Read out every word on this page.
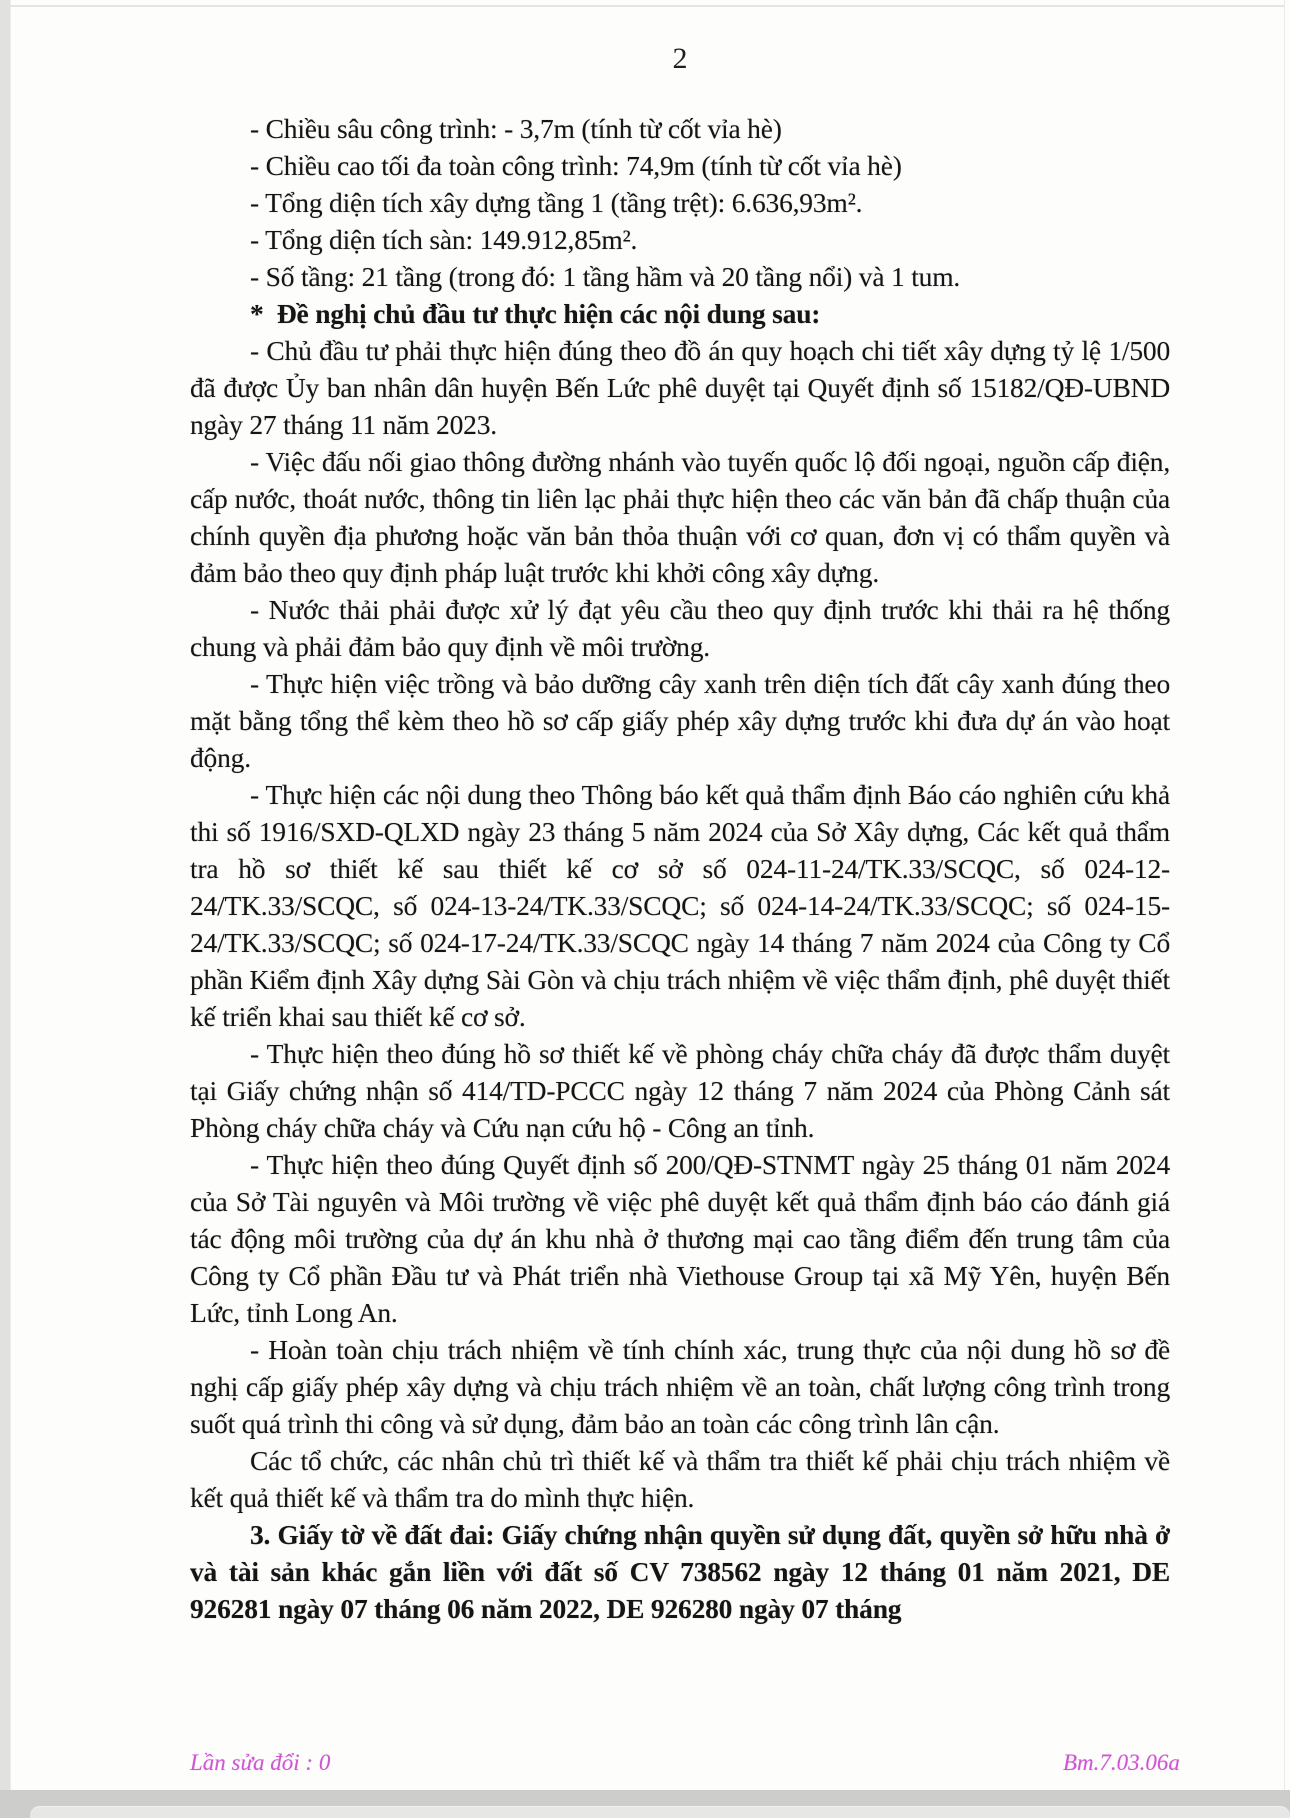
2

- Chiều sâu công trình: - 3,7m (tính từ cốt vỉa hè)

- Chiều cao tối đa toàn công trình: 74,9m (tính từ cốt vỉa hè)

- Tổng diện tích xây dựng tầng 1 (tầng trệt): 6.636,93m².

- Tổng diện tích sàn: 149.912,85m².

- Số tầng: 21 tầng (trong đó: 1 tầng hầm và 20 tầng nổi) và 1 tum.

*  Đề nghị chủ đầu tư thực hiện các nội dung sau:

- Chủ đầu tư phải thực hiện đúng theo đồ án quy hoạch chi tiết xây dựng tỷ lệ 1/500 đã được Ủy ban nhân dân huyện Bến Lức phê duyệt tại Quyết định số 15182/QĐ-UBND ngày 27 tháng 11 năm 2023.

- Việc đấu nối giao thông đường nhánh vào tuyến quốc lộ đối ngoại, nguồn cấp điện, cấp nước, thoát nước, thông tin liên lạc phải thực hiện theo các văn bản đã chấp thuận của chính quyền địa phương hoặc văn bản thỏa thuận với cơ quan, đơn vị có thẩm quyền và đảm bảo theo quy định pháp luật trước khi khởi công xây dựng.

- Nước thải phải được xử lý đạt yêu cầu theo quy định trước khi thải ra hệ thống chung và phải đảm bảo quy định về môi trường.

- Thực hiện việc trồng và bảo dưỡng cây xanh trên diện tích đất cây xanh đúng theo mặt bằng tổng thể kèm theo hồ sơ cấp giấy phép xây dựng trước khi đưa dự án vào hoạt động.

- Thực hiện các nội dung theo Thông báo kết quả thẩm định Báo cáo nghiên cứu khả thi số 1916/SXD-QLXD ngày 23 tháng 5 năm 2024 của Sở Xây dựng, Các kết quả thẩm tra hồ sơ thiết kế sau thiết kế cơ sở số 024-11-24/TK.33/SCQC, số 024-12-24/TK.33/SCQC, số 024-13-24/TK.33/SCQC; số 024-14-24/TK.33/SCQC; số 024-15-24/TK.33/SCQC; số 024-17-24/TK.33/SCQC ngày 14 tháng 7 năm 2024 của Công ty Cổ phần Kiểm định Xây dựng Sài Gòn và chịu trách nhiệm về việc thẩm định, phê duyệt thiết kế triển khai sau thiết kế cơ sở.

- Thực hiện theo đúng hồ sơ thiết kế về phòng cháy chữa cháy đã được thẩm duyệt tại Giấy chứng nhận số 414/TD-PCCC ngày 12 tháng 7 năm 2024 của Phòng Cảnh sát Phòng cháy chữa cháy và Cứu nạn cứu hộ - Công an tỉnh.

- Thực hiện theo đúng Quyết định số 200/QĐ-STNMT ngày 25 tháng 01 năm 2024 của Sở Tài nguyên và Môi trường về việc phê duyệt kết quả thẩm định báo cáo đánh giá tác động môi trường của dự án khu nhà ở thương mại cao tầng điểm đến trung tâm của Công ty Cổ phần Đầu tư và Phát triển nhà Viethouse Group tại xã Mỹ Yên, huyện Bến Lức, tỉnh Long An.

- Hoàn toàn chịu trách nhiệm về tính chính xác, trung thực của nội dung hồ sơ đề nghị cấp giấy phép xây dựng và chịu trách nhiệm về an toàn, chất lượng công trình trong suốt quá trình thi công và sử dụng, đảm bảo an toàn các công trình lân cận.

Các tổ chức, các nhân chủ trì thiết kế và thẩm tra thiết kế phải chịu trách nhiệm về kết quả thiết kế và thẩm tra do mình thực hiện.

3. Giấy tờ về đất đai: Giấy chứng nhận quyền sử dụng đất, quyền sở hữu nhà ở và tài sản khác gắn liền với đất số CV 738562 ngày 12 tháng 01 năm 2021, DE 926281 ngày 07 tháng 06 năm 2022, DE 926280 ngày 07 tháng

Lần sửa đổi : 0	Bm.7.03.06a
